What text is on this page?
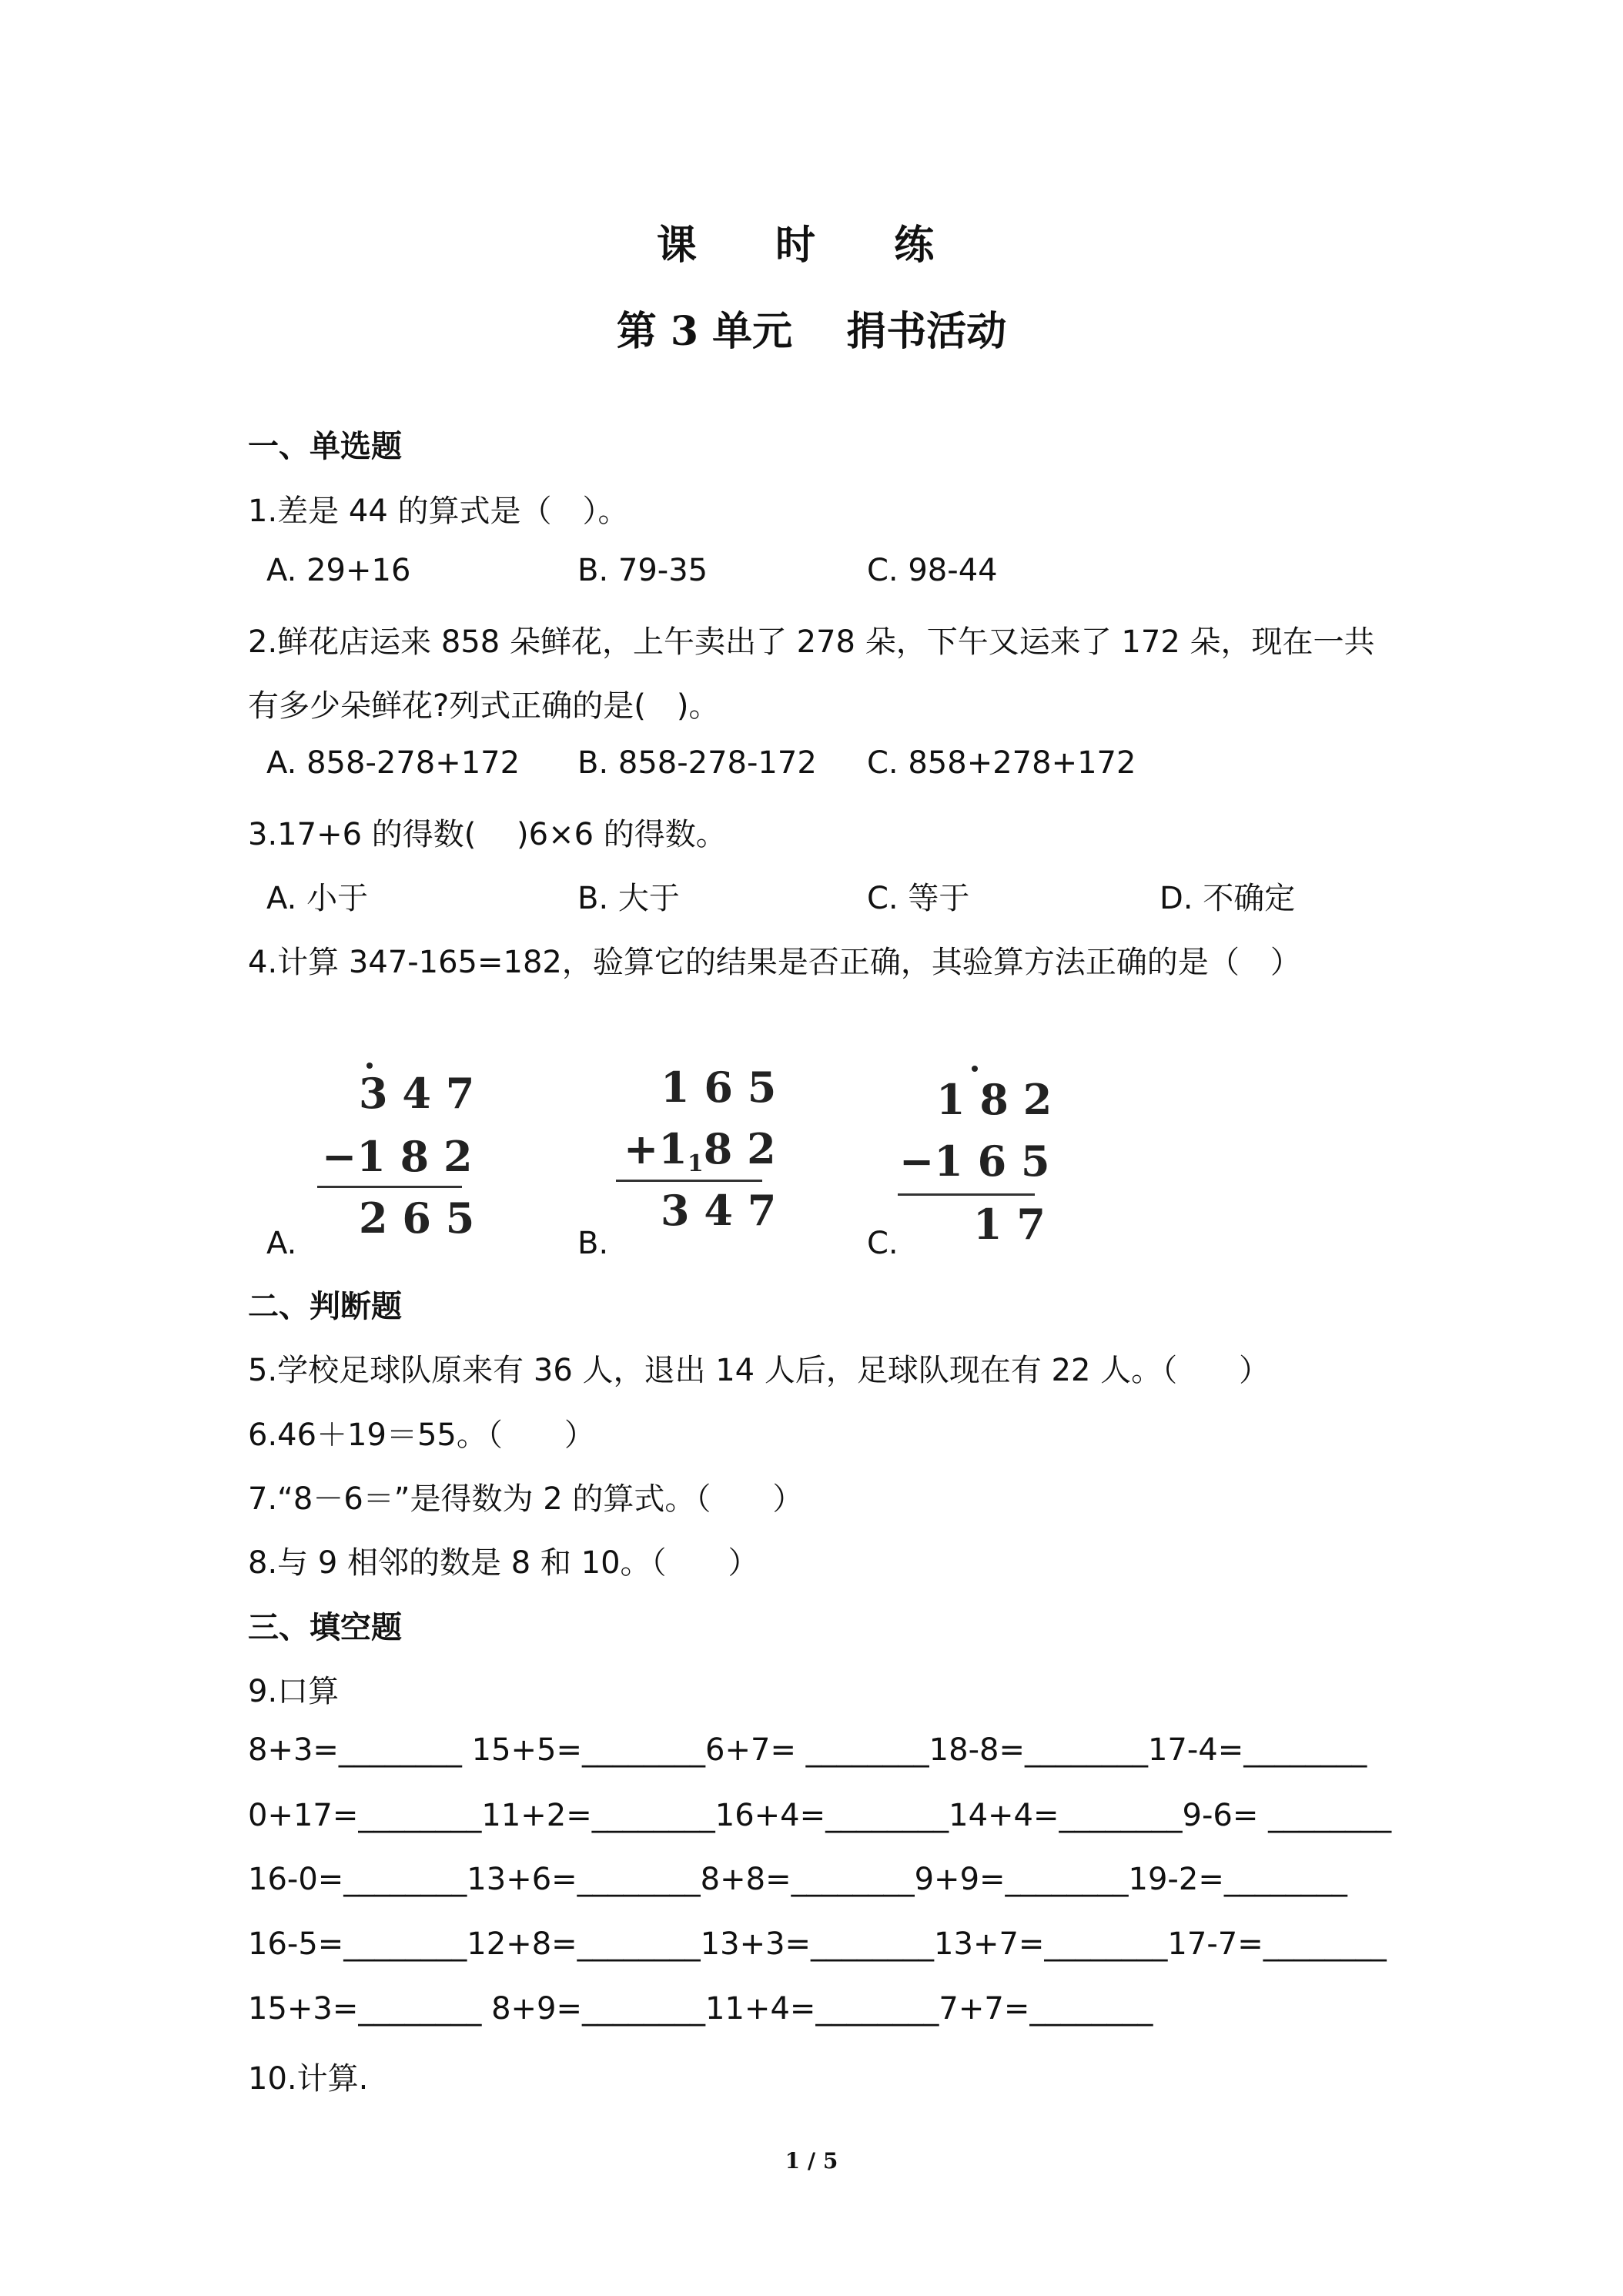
课 时 练
第 3 单元　 捐书活动
一、单选题
1.差是 44 的算式是（　）。
A. 29+16	B. 79-35	C. 98-44
2.鲜花店运来 858 朵鲜花，上午卖出了 278 朵，下午又运来了 172 朵，现在一共
有多少朵鲜花?列式正确的是(　)。
A. 858-278+172 B. 858-278-172 C. 858+278+172
3.17+6 的得数(　 )6×6 的得数。
A. 小于	B. 大于	C. 等于	D. 不确定
4.计算 347-165=182，验算它的结果是否正确，其验算方法正确的是（　）
3 4 7
−1 8 2
2 6 5
A.
1 6 5
+118 2
3 4 7
B.
1 8 2
−1 6 5
1 7
C.
二、判断题
5.学校足球队原来有 36 人，退出 14 人后，足球队现在有 22 人。（　　）
6.46＋19＝55。（　　）
7.“8－6＝”是得数为 2 的算式。（　　）
8.与 9 相邻的数是 8 和 10。（　　）
三、填空题
9.口算
8+3=________ 15+5=________6+7= ________18-8=________17-4=________
0+17=________11+2=________16+4=________14+4=________9-6= ________
16-0=________13+6=________8+8=________9+9=________19-2=________
16-5=________12+8=________13+3=________13+7=________17-7=________
15+3=________ 8+9=________11+4=________7+7=________
10.计算.
1 / 5
